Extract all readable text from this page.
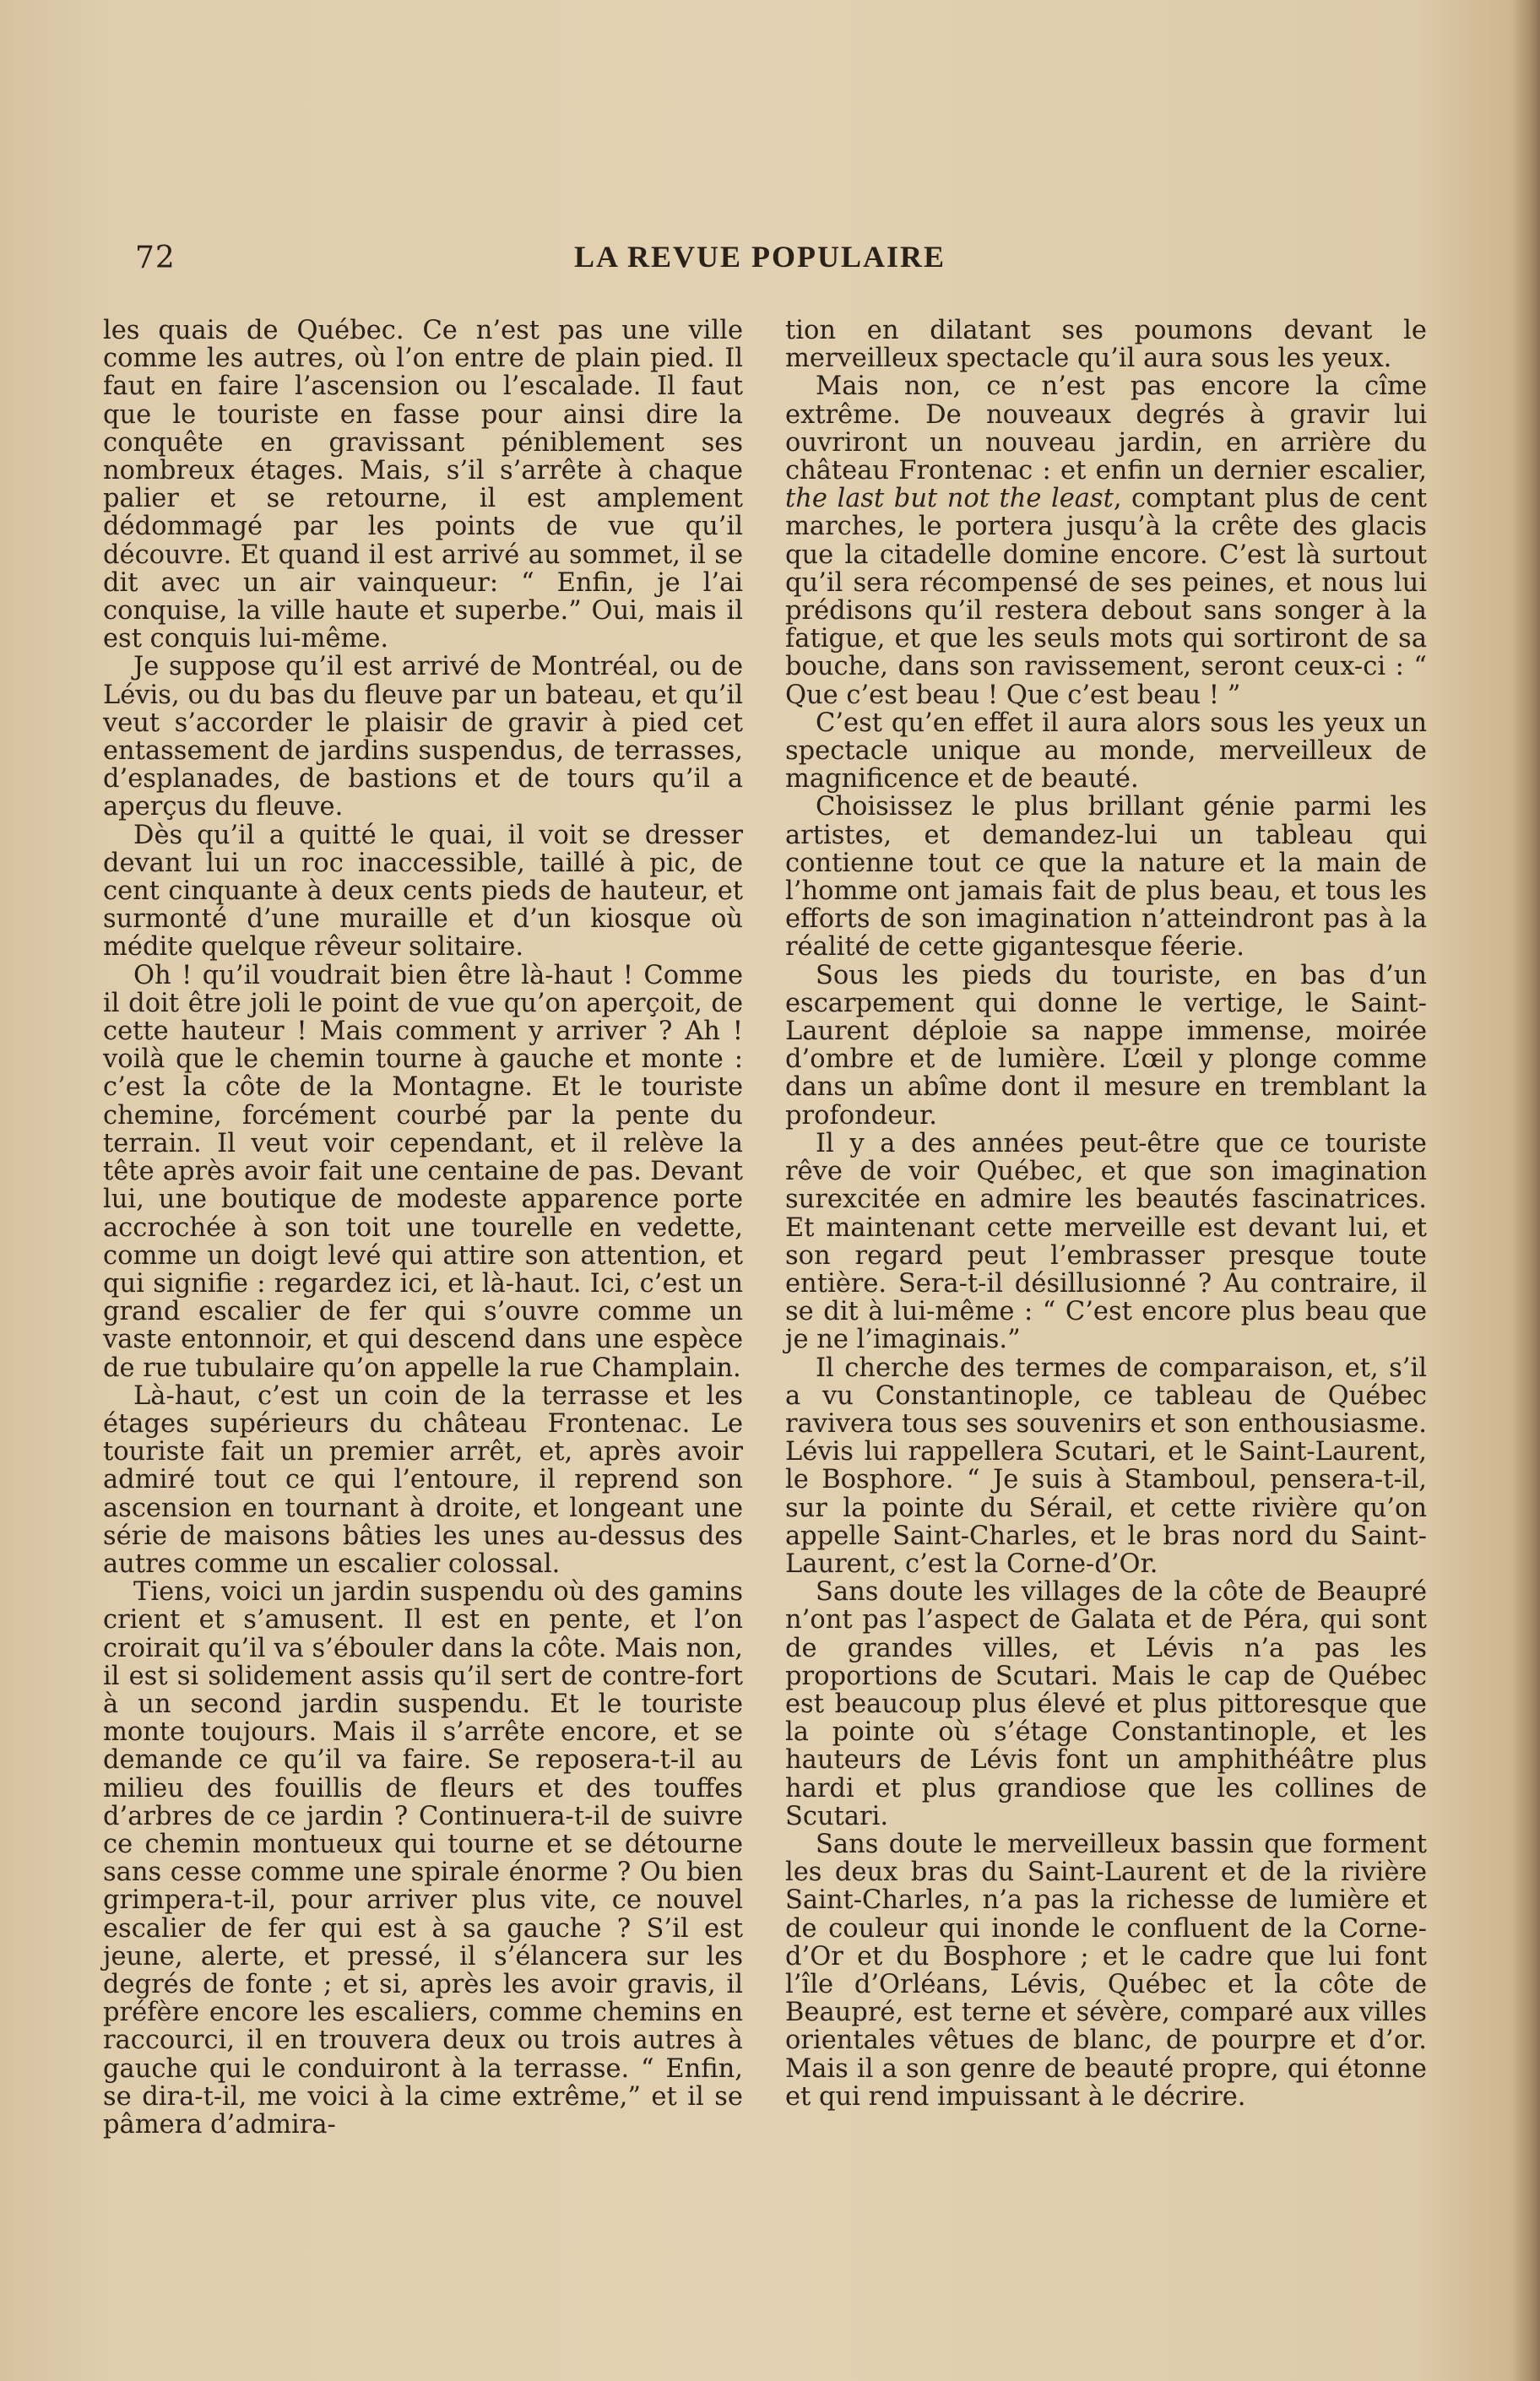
72	LA REVUE POPULAIRE

les quais de Québec. Ce n’est pas une ville comme les autres, où l’on entre de plain pied. Il faut en faire l’ascension ou l’escalade. Il faut que le touriste en fasse pour ainsi dire la conquête en gravissant péniblement ses nombreux étages. Mais, s’il s’arrête à chaque palier et se retourne, il est amplement dédommagé par les points de vue qu’il découvre. Et quand il est arrivé au sommet, il se dit avec un air vainqueur: “ Enfin, je l’ai conquise, la ville haute et superbe.” Oui, mais il est conquis lui-même.

Je suppose qu’il est arrivé de Montréal, ou de Lévis, ou du bas du fleuve par un bateau, et qu’il veut s’accorder le plaisir de gravir à pied cet entassement de jardins suspendus, de terrasses, d’esplanades, de bastions et de tours qu’il a aperçus du fleuve.

Dès qu’il a quitté le quai, il voit se dresser devant lui un roc inaccessible, taillé à pic, de cent cinquante à deux cents pieds de hauteur, et surmonté d’une muraille et d’un kiosque où médite quelque rêveur solitaire.

Oh ! qu’il voudrait bien être là-haut ! Comme il doit être joli le point de vue qu’on aperçoit, de cette hauteur ! Mais comment y arriver ? Ah ! voilà que le chemin tourne à gauche et monte : c’est la côte de la Montagne. Et le touriste chemine, forcément courbé par la pente du terrain. Il veut voir cependant, et il relève la tête après avoir fait une centaine de pas. Devant lui, une boutique de modeste apparence porte accrochée à son toit une tourelle en vedette, comme un doigt levé qui attire son attention, et qui signifie : regardez ici, et là-haut. Ici, c’est un grand escalier de fer qui s’ouvre comme un vaste entonnoir, et qui descend dans une espèce de rue tubulaire qu’on appelle la rue Champlain.

Là-haut, c’est un coin de la terrasse et les étages supérieurs du château Frontenac. Le touriste fait un premier arrêt, et, après avoir admiré tout ce qui l’entoure, il reprend son ascension en tournant à droite, et longeant une série de maisons bâties les unes au-dessus des autres comme un escalier colossal.

Tiens, voici un jardin suspendu où des gamins crient et s’amusent. Il est en pente, et l’on croirait qu’il va s’ébouler dans la côte. Mais non, il est si solidement assis qu’il sert de contre-fort à un second jardin suspendu. Et le touriste monte toujours. Mais il s’arrête encore, et se demande ce qu’il va faire. Se reposera-t-il au milieu des fouillis de fleurs et des touffes d’arbres de ce jardin ? Continuera-t-il de suivre ce chemin montueux qui tourne et se détourne sans cesse comme une spirale énorme ? Ou bien grimpera-t-il, pour arriver plus vite, ce nouvel escalier de fer qui est à sa gauche ? S’il est jeune, alerte, et pressé, il s’élancera sur les degrés de fonte ; et si, après les avoir gravis, il préfère encore les escaliers, comme chemins en raccourci, il en trouvera deux ou trois autres à gauche qui le conduiront à la terrasse. “ Enfin, se dira-t-il, me voici à la cime extrême,” et il se pâmera d’admira-

tion en dilatant ses poumons devant le merveilleux spectacle qu’il aura sous les yeux.

Mais non, ce n’est pas encore la cîme extrême. De nouveaux degrés à gravir lui ouvriront un nouveau jardin, en arrière du château Frontenac : et enfin un dernier escalier, the last but not the least, comptant plus de cent marches, le portera jusqu’à la crête des glacis que la citadelle domine encore. C’est là surtout qu’il sera récompensé de ses peines, et nous lui prédisons qu’il restera debout sans songer à la fatigue, et que les seuls mots qui sortiront de sa bouche, dans son ravissement, seront ceux-ci : “ Que c’est beau ! Que c’est beau ! ”

C’est qu’en effet il aura alors sous les yeux un spectacle unique au monde, merveilleux de magnificence et de beauté.

Choisissez le plus brillant génie parmi les artistes, et demandez-lui un tableau qui contienne tout ce que la nature et la main de l’homme ont jamais fait de plus beau, et tous les efforts de son imagination n’atteindront pas à la réalité de cette gigantesque féerie.

Sous les pieds du touriste, en bas d’un escarpement qui donne le vertige, le Saint-Laurent déploie sa nappe immense, moirée d’ombre et de lumière. L’œil y plonge comme dans un abîme dont il mesure en tremblant la profondeur.

Il y a des années peut-être que ce touriste rêve de voir Québec, et que son imagination surexcitée en admire les beautés fascinatrices. Et maintenant cette merveille est devant lui, et son regard peut l’embrasser presque toute entière. Sera-t-il désillusionné ? Au contraire, il se dit à lui-même : “ C’est encore plus beau que je ne l’imaginais.”

Il cherche des termes de comparaison, et, s’il a vu Constantinople, ce tableau de Québec ravivera tous ses souvenirs et son enthousiasme. Lévis lui rappellera Scutari, et le Saint-Laurent, le Bosphore. “ Je suis à Stamboul, pensera-t-il, sur la pointe du Sérail, et cette rivière qu’on appelle Saint-Charles, et le bras nord du Saint-Laurent, c’est la Corne-d’Or.

Sans doute les villages de la côte de Beaupré n’ont pas l’aspect de Galata et de Péra, qui sont de grandes villes, et Lévis n’a pas les proportions de Scutari. Mais le cap de Québec est beaucoup plus élevé et plus pittoresque que la pointe où s’étage Constantinople, et les hauteurs de Lévis font un amphithéâtre plus hardi et plus grandiose que les collines de Scutari.

Sans doute le merveilleux bassin que forment les deux bras du Saint-Laurent et de la rivière Saint-Charles, n’a pas la richesse de lumière et de couleur qui inonde le confluent de la Corne-d’Or et du Bosphore ; et le cadre que lui font l’île d’Orléans, Lévis, Québec et la côte de Beaupré, est terne et sévère, comparé aux villes orientales vêtues de blanc, de pourpre et d’or. Mais il a son genre de beauté propre, qui étonne et qui rend impuissant à le décrire.
